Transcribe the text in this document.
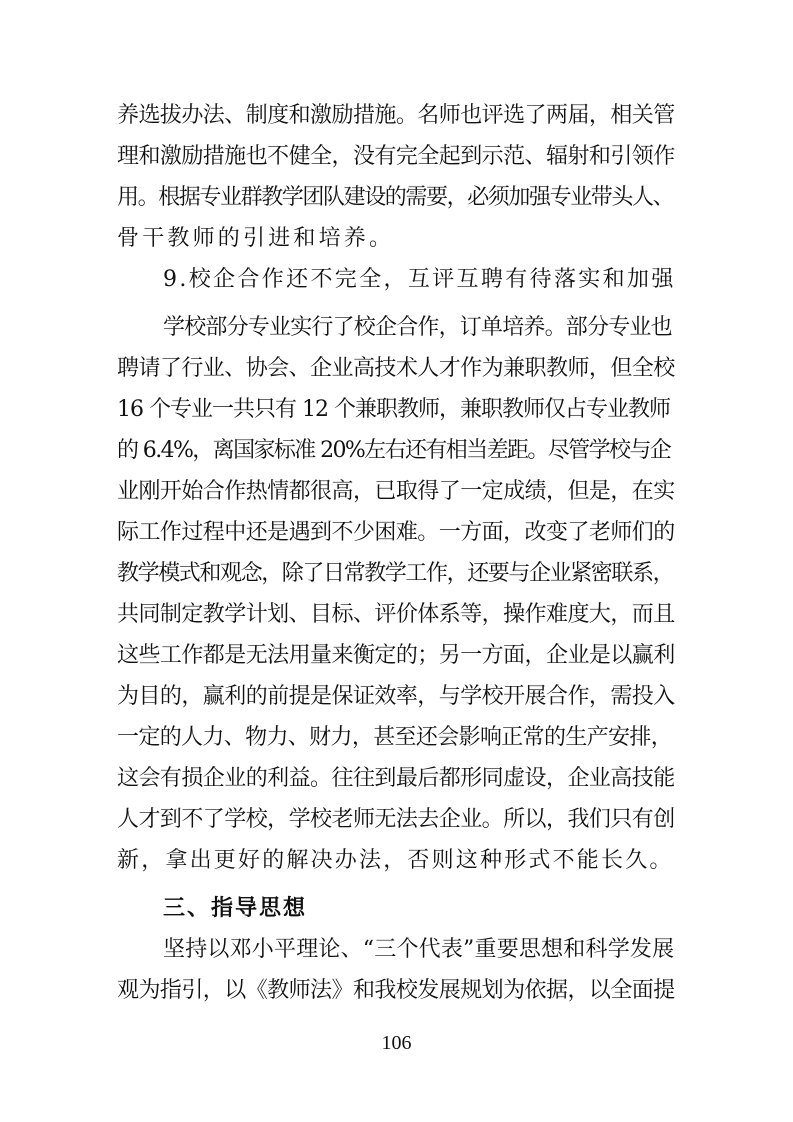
养选拔办法、制度和激励措施。名师也评选了两届，相关管
理和激励措施也不健全，没有完全起到示范、辐射和引领作
用。根据专业群教学团队建设的需要，必须加强专业带头人、
骨干教师的引进和培养。
9.校企合作还不完全，互评互聘有待落实和加强
学校部分专业实行了校企合作，订单培养。部分专业也
聘请了行业、协会、企业高技术人才作为兼职教师，但全校
16 个专业一共只有 12 个兼职教师，兼职教师仅占专业教师
的 6.4%，离国家标准 20%左右还有相当差距。尽管学校与企
业刚开始合作热情都很高，已取得了一定成绩，但是，在实
际工作过程中还是遇到不少困难。一方面，改变了老师们的
教学模式和观念，除了日常教学工作，还要与企业紧密联系，
共同制定教学计划、目标、评价体系等，操作难度大，而且
这些工作都是无法用量来衡定的；另一方面，企业是以赢利
为目的，赢利的前提是保证效率，与学校开展合作，需投入
一定的人力、物力、财力，甚至还会影响正常的生产安排，
这会有损企业的利益。往往到最后都形同虚设，企业高技能
人才到不了学校，学校老师无法去企业。所以，我们只有创
新，拿出更好的解决办法，否则这种形式不能长久。
三、指导思想
坚持以邓小平理论、“三个代表”重要思想和科学发展
观为指引，以《教师法》和我校发展规划为依据，以全面提
106
